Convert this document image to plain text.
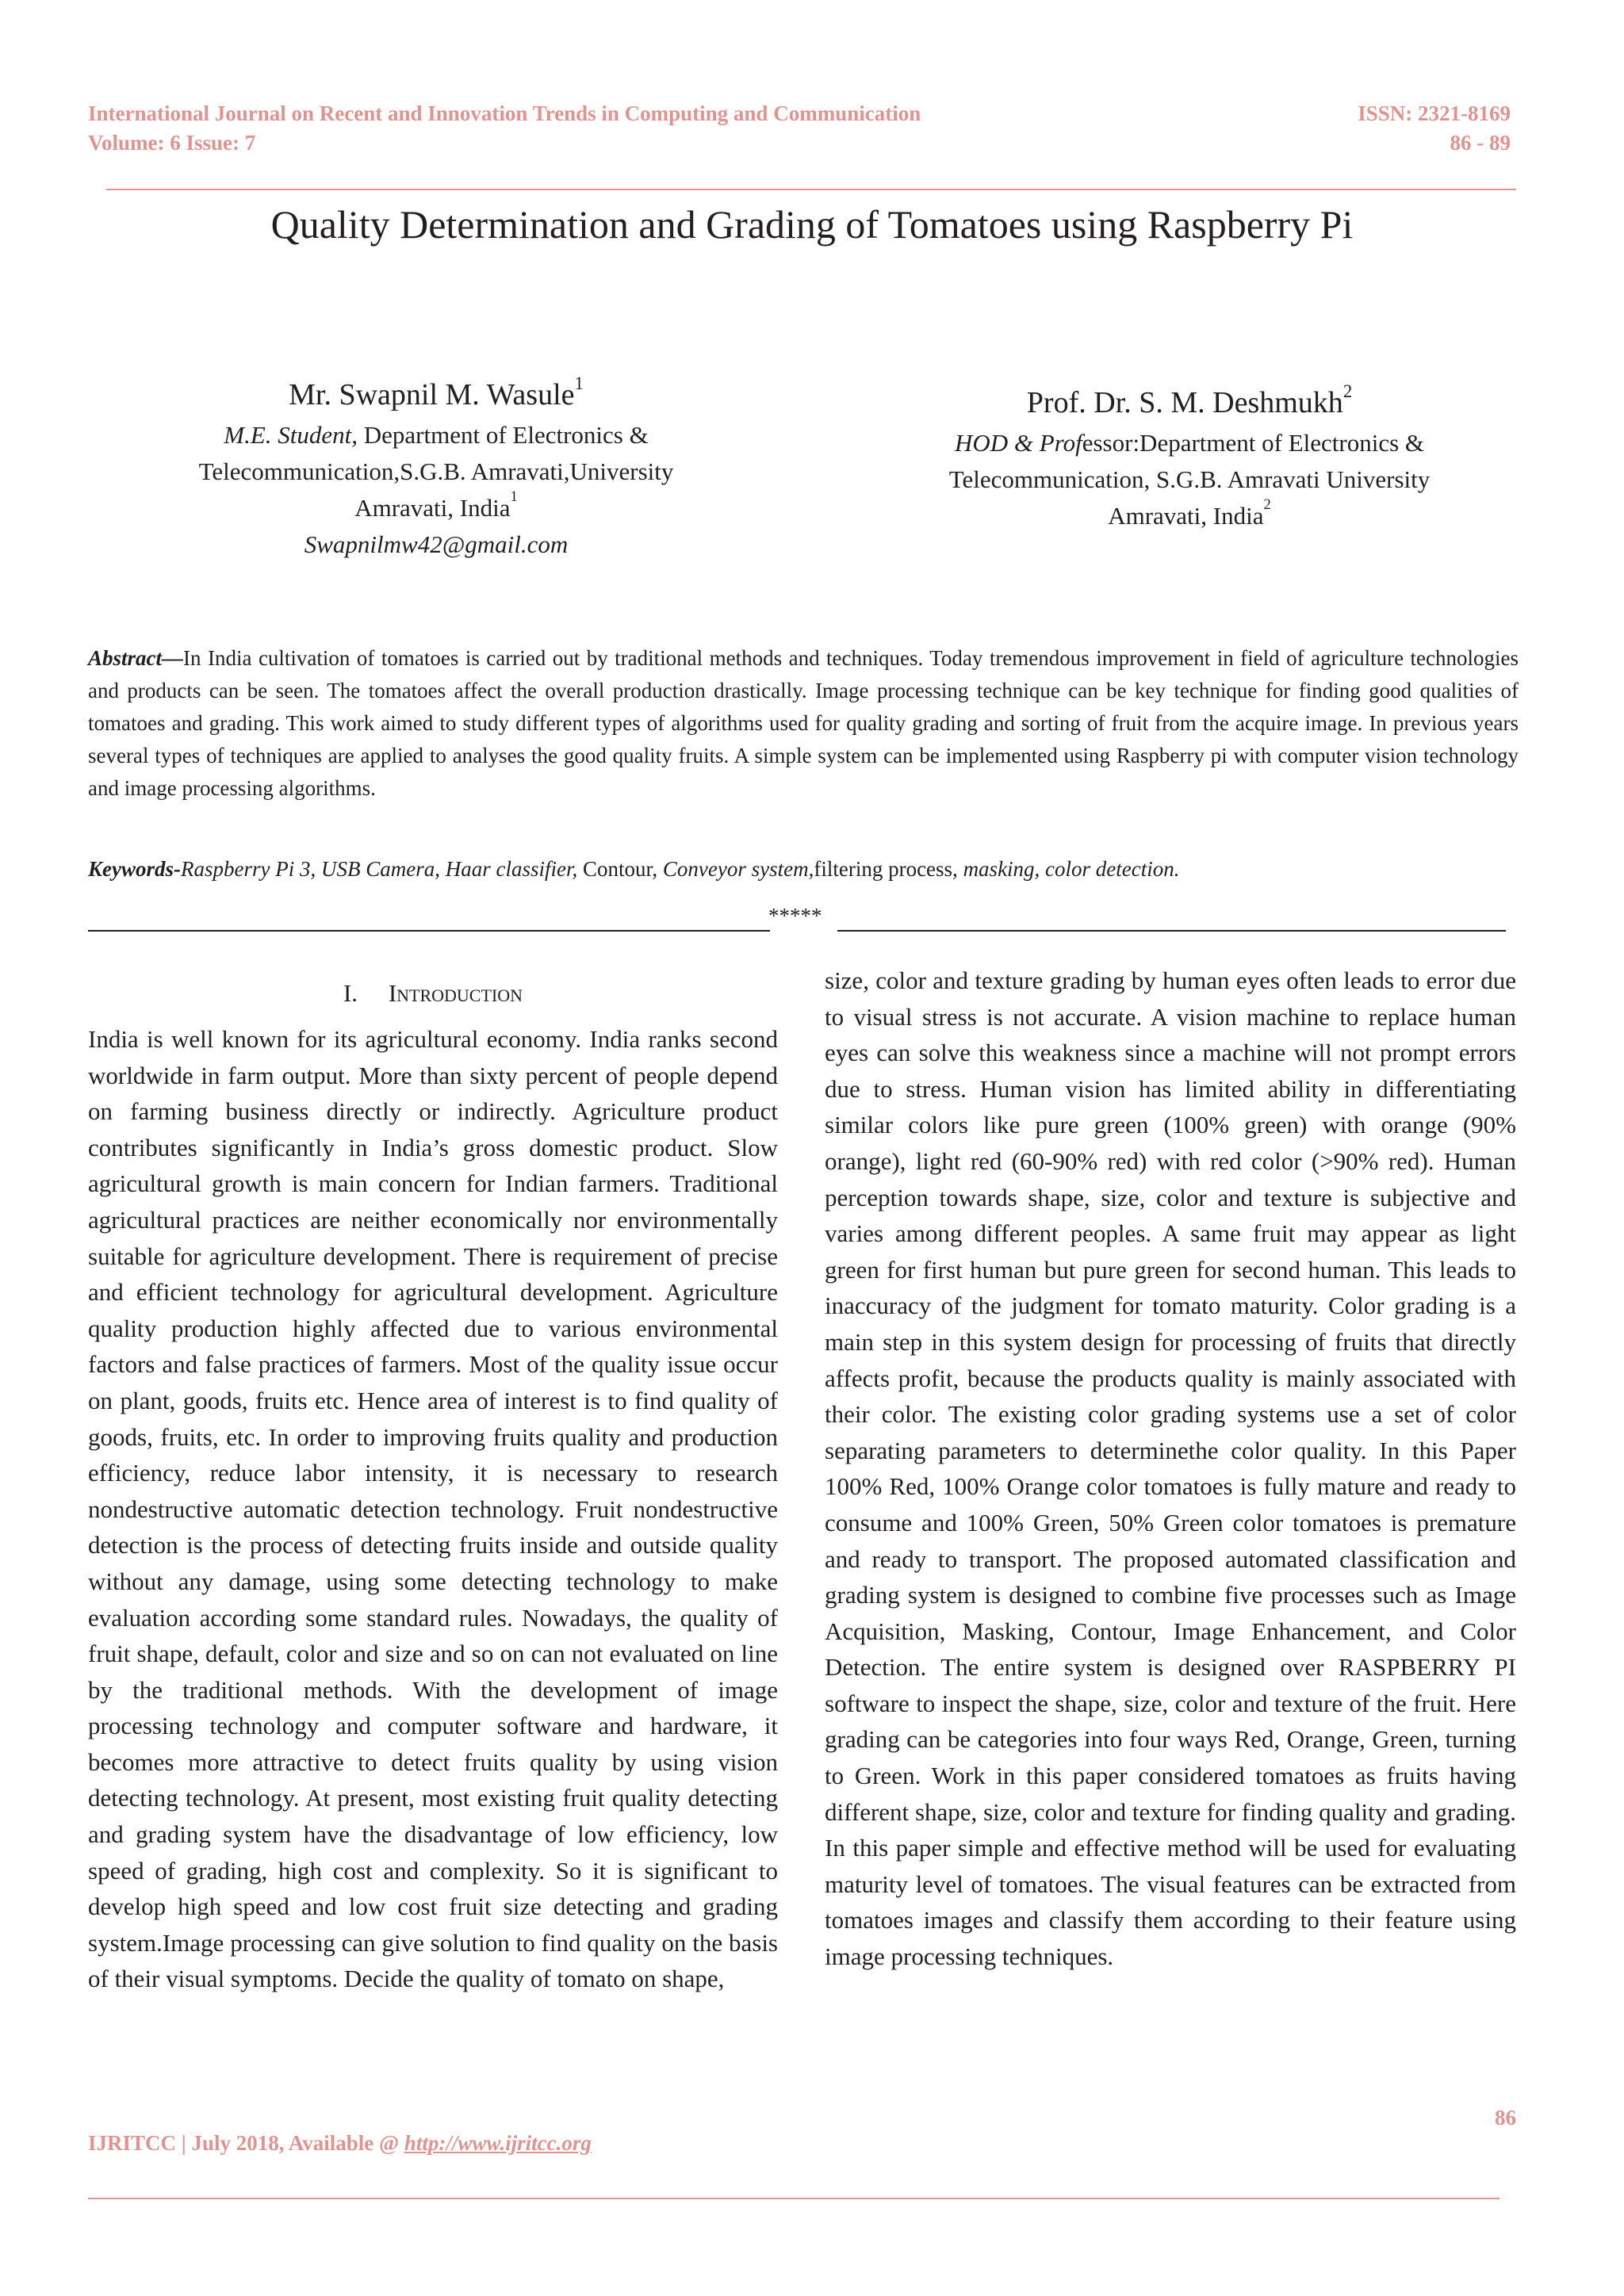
International Journal on Recent and Innovation Trends in Computing and Communication	ISSN: 2321-8169
Volume: 6 Issue: 7	86 - 89
Quality Determination and Grading of Tomatoes using Raspberry Pi
Mr. Swapnil M. Wasule$^1$
M.E. Student, Department of Electronics &
Telecommunication,S.G.B. Amravati,University
Amravati, India$^1$
Swapnilmw42@gmail.com
Prof. Dr. S. M. Deshmukh$^2$
HOD & Professor:Department of Electronics &
Telecommunication, S.G.B. Amravati University
Amravati, India$^2$
Abstract—In India cultivation of tomatoes is carried out by traditional methods and techniques. Today tremendous improvement in field of agriculture technologies and products can be seen. The tomatoes affect the overall production drastically. Image processing technique can be key technique for finding good qualities of tomatoes and grading. This work aimed to study different types of algorithms used for quality grading and sorting of fruit from the acquire image. In previous years several types of techniques are applied to analyses the good quality fruits. A simple system can be implemented using Raspberry pi with computer vision technology and image processing algorithms.
Keywords-Raspberry Pi 3, USB Camera, Haar classifier, Contour, Conveyor system,filtering process, masking, color detection.
*****
I. Introduction
India is well known for its agricultural economy. India ranks second worldwide in farm output. More than sixty percent of people depend on farming business directly or indirectly. Agriculture product contributes significantly in India’s gross domestic product. Slow agricultural growth is main concern for Indian farmers. Traditional agricultural practices are neither economically nor environmentally suitable for agriculture development. There is requirement of precise and efficient technology for agricultural development. Agriculture quality production highly affected due to various environmental factors and false practices of farmers. Most of the quality issue occur on plant, goods, fruits etc. Hence area of interest is to find quality of goods, fruits, etc. In order to improving fruits quality and production efficiency, reduce labor intensity, it is necessary to research nondestructive automatic detection technology. Fruit nondestructive detection is the process of detecting fruits inside and outside quality without any damage, using some detecting technology to make evaluation according some standard rules. Nowadays, the quality of fruit shape, default, color and size and so on can not evaluated on line by the traditional methods. With the development of image processing technology and computer software and hardware, it becomes more attractive to detect fruits quality by using vision detecting technology. At present, most existing fruit quality detecting and grading system have the disadvantage of low efficiency, low speed of grading, high cost and complexity. So it is significant to develop high speed and low cost fruit size detecting and grading system.Image processing can give solution to find quality on the basis of their visual symptoms. Decide the quality of tomato on shape,
size, color and texture grading by human eyes often leads to error due to visual stress is not accurate. A vision machine to replace human eyes can solve this weakness since a machine will not prompt errors due to stress. Human vision has limited ability in differentiating similar colors like pure green (100% green) with orange (90% orange), light red (60-90% red) with red color (>90% red). Human perception towards shape, size, color and texture is subjective and varies among different peoples. A same fruit may appear as light green for first human but pure green for second human. This leads to inaccuracy of the judgment for tomato maturity. Color grading is a main step in this system design for processing of fruits that directly affects profit, because the products quality is mainly associated with their color. The existing color grading systems use a set of color separating parameters to determinethe color quality. In this Paper 100% Red, 100% Orange color tomatoes is fully mature and ready to consume and 100% Green, 50% Green color tomatoes is premature and ready to transport. The proposed automated classification and grading system is designed to combine five processes such as Image Acquisition, Masking, Contour, Image Enhancement, and Color Detection. The entire system is designed over RASPBERRY PI software to inspect the shape, size, color and texture of the fruit. Here grading can be categories into four ways Red, Orange, Green, turning to Green. Work in this paper considered tomatoes as fruits having different shape, size, color and texture for finding quality and grading. In this paper simple and effective method will be used for evaluating maturity level of tomatoes. The visual features can be extracted from tomatoes images and classify them according to their feature using image processing techniques.
86
IJRITCC | July 2018, Available @ http://www.ijritcc.org
